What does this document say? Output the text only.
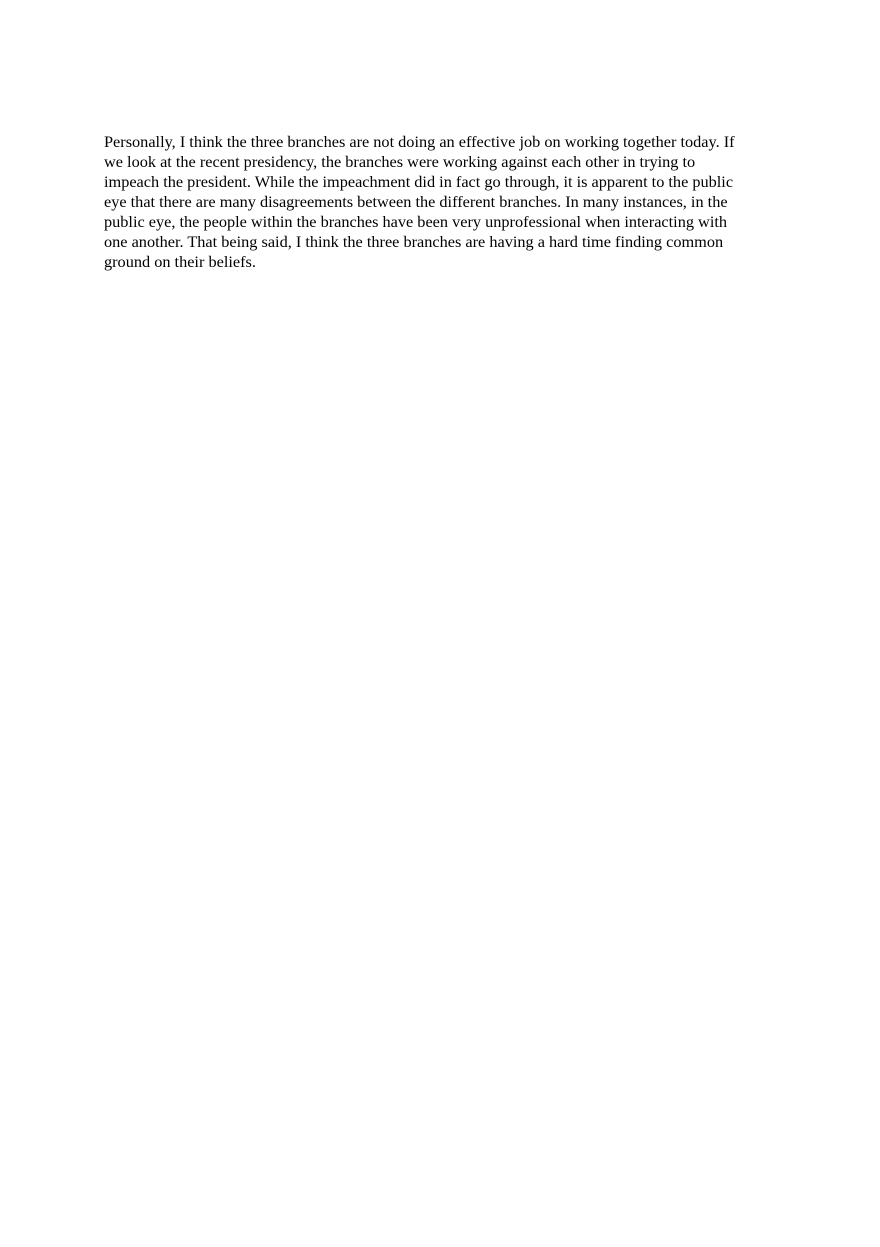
Personally, I think the three branches are not doing an effective job on working together today. If
we look at the recent presidency, the branches were working against each other in trying to
impeach the president. While the impeachment did in fact go through, it is apparent to the public
eye that there are many disagreements between the different branches. In many instances, in the
public eye, the people within the branches have been very unprofessional when interacting with
one another. That being said, I think the three branches are having a hard time finding common
ground on their beliefs.
